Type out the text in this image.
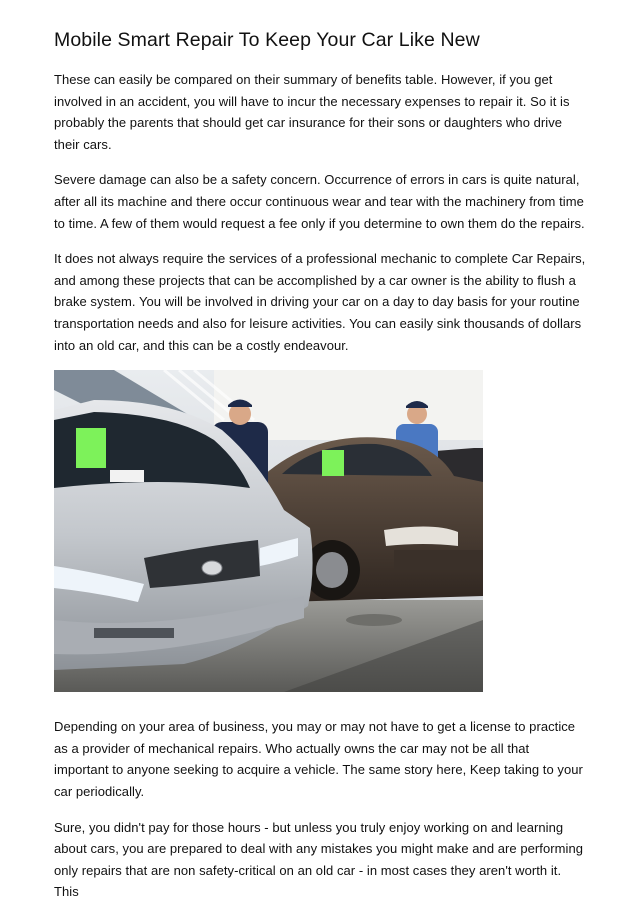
Mobile Smart Repair To Keep Your Car Like New

These can easily be compared on their summary of benefits table. However, if you get involved in an accident, you will have to incur the necessary expenses to repair it. So it is probably the parents that should get car insurance for their sons or daughters who drive their cars.

Severe damage can also be a safety concern. Occurrence of errors in cars is quite natural, after all its machine and there occur continuous wear and tear with the machinery from time to time. A few of them would request a fee only if you determine to own them do the repairs.

It does not always require the services of a professional mechanic to complete Car Repairs, and among these projects that can be accomplished by a car owner is the ability to flush a brake system. You will be involved in driving your car on a day to day basis for your routine transportation needs and also for leisure activities. You can easily sink thousands of dollars into an old car, and this can be a costly endeavour.

Depending on your area of business, you may or may not have to get a license to practice as a provider of mechanical repairs. Who actually owns the car may not be all that important to anyone seeking to acquire a vehicle. The same story here, Keep taking to your car periodically.

Sure, you didn't pay for those hours - but unless you truly enjoy working on and learning about cars, you are prepared to deal with any mistakes you might make and are performing only repairs that are non safety-critical on an old car - in most cases they aren't worth it. This
